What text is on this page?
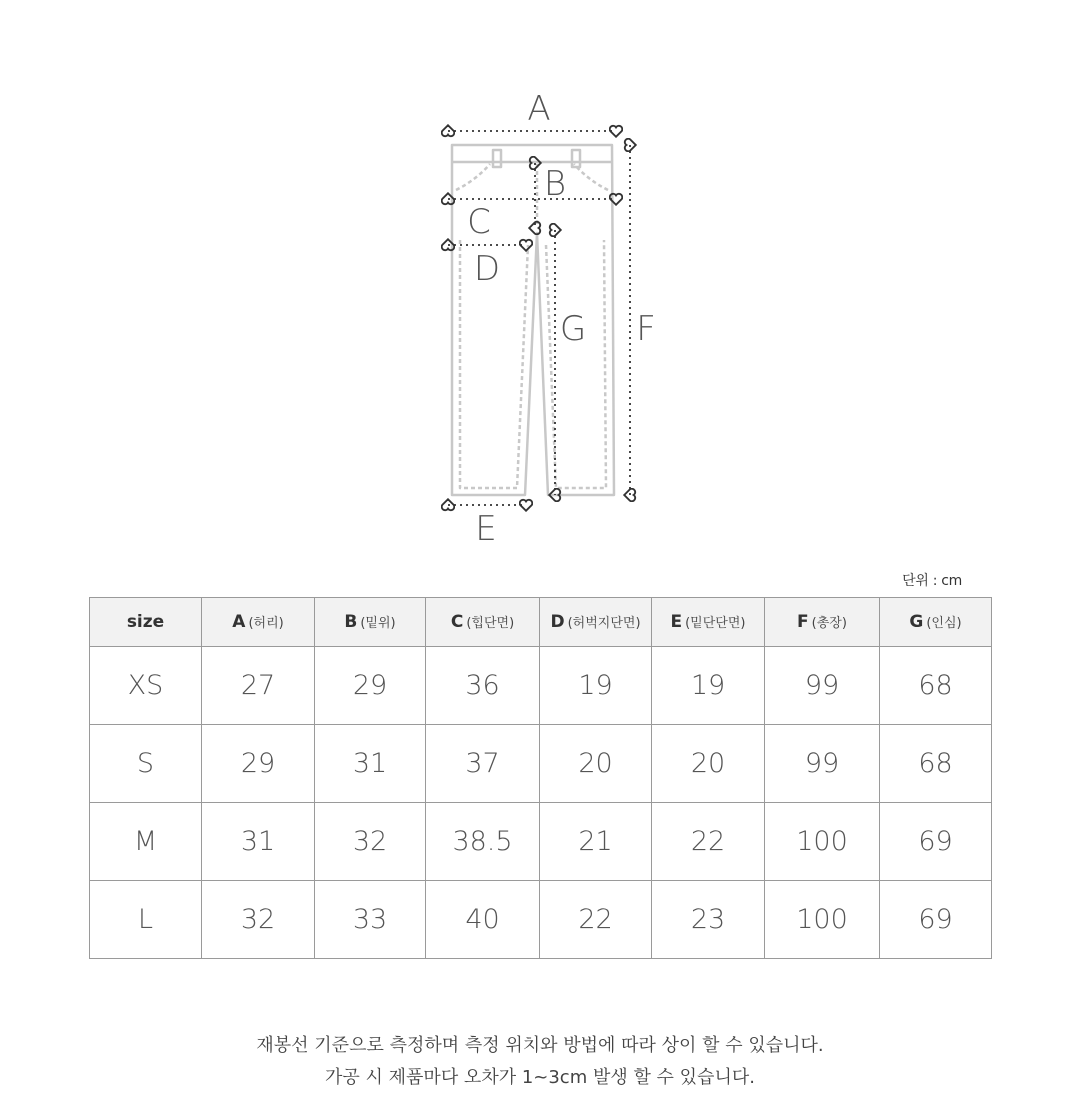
A
B
C
D
E
F
G
단위 : cm
size	A (허리)	B (밑위)	C (힙단면)	D (허벅지단면)	E (밑단단면)	F (총장)	G (인심)
XS	27	29	36	19	19	99	68
S	29	31	37	20	20	99	68
M	31	32	38.5	21	22	100	69
L	32	33	40	22	23	100	69
재봉선 기준으로 측정하며 측정 위치와 방법에 따라 상이 할 수 있습니다.
가공 시 제품마다 오차가 1~3cm 발생 할 수 있습니다.
